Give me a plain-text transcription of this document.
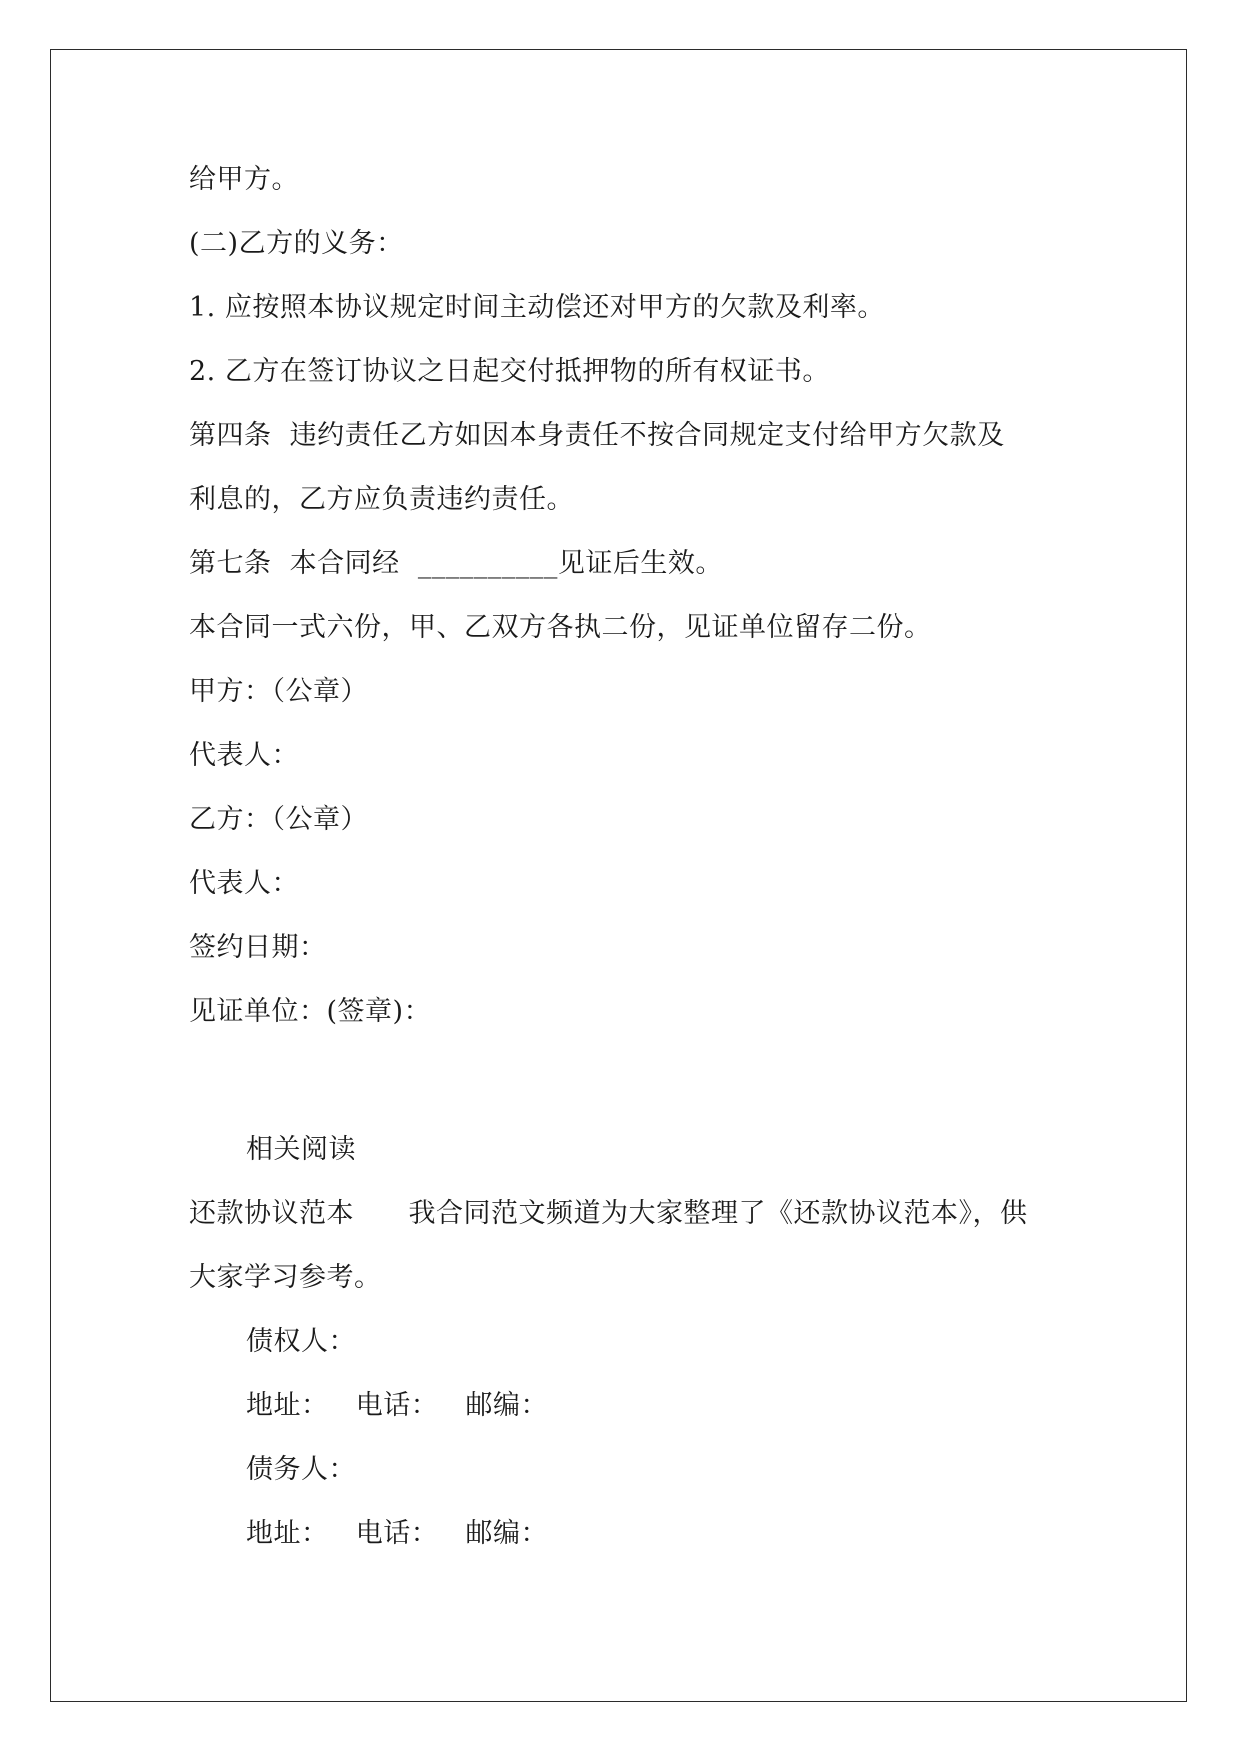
给甲方。
(二)乙方的义务：
1. 应按照本协议规定时间主动偿还对甲方的欠款及利率。
2. 乙方在签订协议之日起交付抵押物的所有权证书。
第四条  违约责任乙方如因本身责任不按合同规定支付给甲方欠款及
利息的，乙方应负责违约责任。
第七条  本合同经  __________见证后生效。
本合同一式六份，甲、乙双方各执二份，见证单位留存二份。
甲方：（公章）
代表人：
乙方：（公章）
代表人：
签约日期：
见证单位：(签章)：
相关阅读
还款协议范本      我合同范文频道为大家整理了《还款协议范本》，供
大家学习参考。
债权人：
地址：   电话：   邮编：
债务人：
地址：   电话：   邮编：
